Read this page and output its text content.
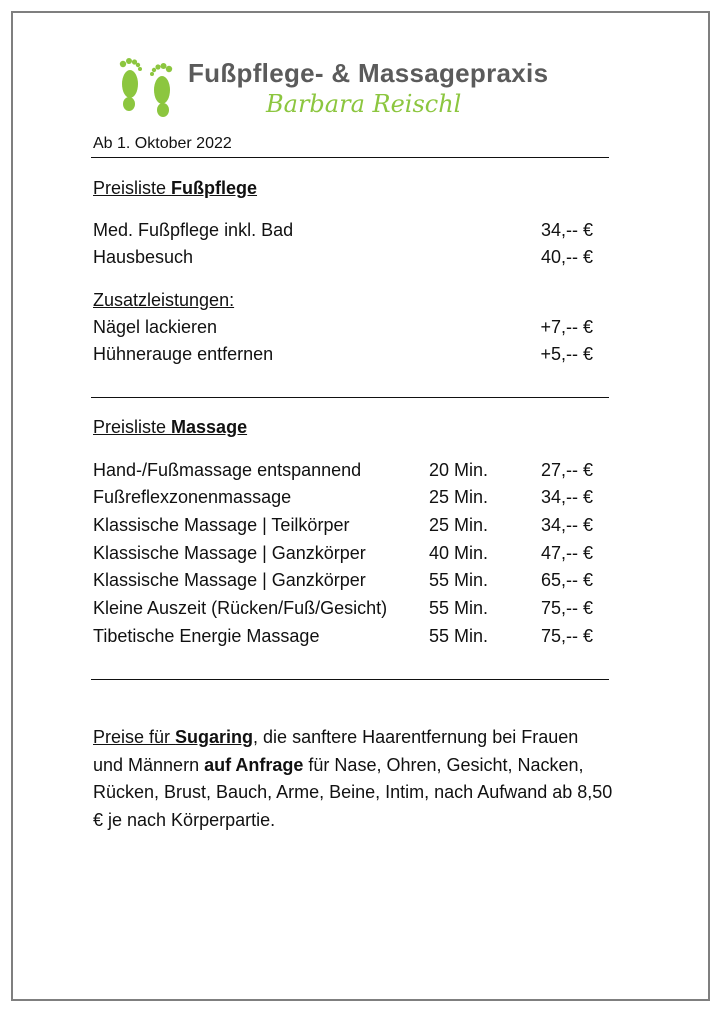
Fußpflege- & Massagepraxis
Barbara Reischl
Ab 1. Oktober 2022
Preisliste Fußpflege
Med. Fußpflege inkl. Bad	34,-- €
Hausbesuch	40,-- €
Zusatzleistungen:
Nägel lackieren	+7,-- €
Hühnerauge entfernen	+5,-- €
Preisliste Massage
Hand-/Fußmassage entspannend	20 Min.	27,-- €
Fußreflexzonenmassage	25 Min.	34,-- €
Klassische Massage | Teilkörper	25 Min.	34,-- €
Klassische Massage | Ganzkörper	40 Min.	47,-- €
Klassische Massage | Ganzkörper	55 Min.	65,-- €
Kleine Auszeit (Rücken/Fuß/Gesicht) 55 Min.	75,-- €
Tibetische Energie Massage	55 Min.	75,-- €
Preise für Sugaring, die sanftere Haarentfernung bei Frauen und Männern auf Anfrage für Nase, Ohren, Gesicht, Nacken, Rücken, Brust, Bauch, Arme, Beine, Intim, nach Aufwand ab 8,50 € je nach Körperpartie.
